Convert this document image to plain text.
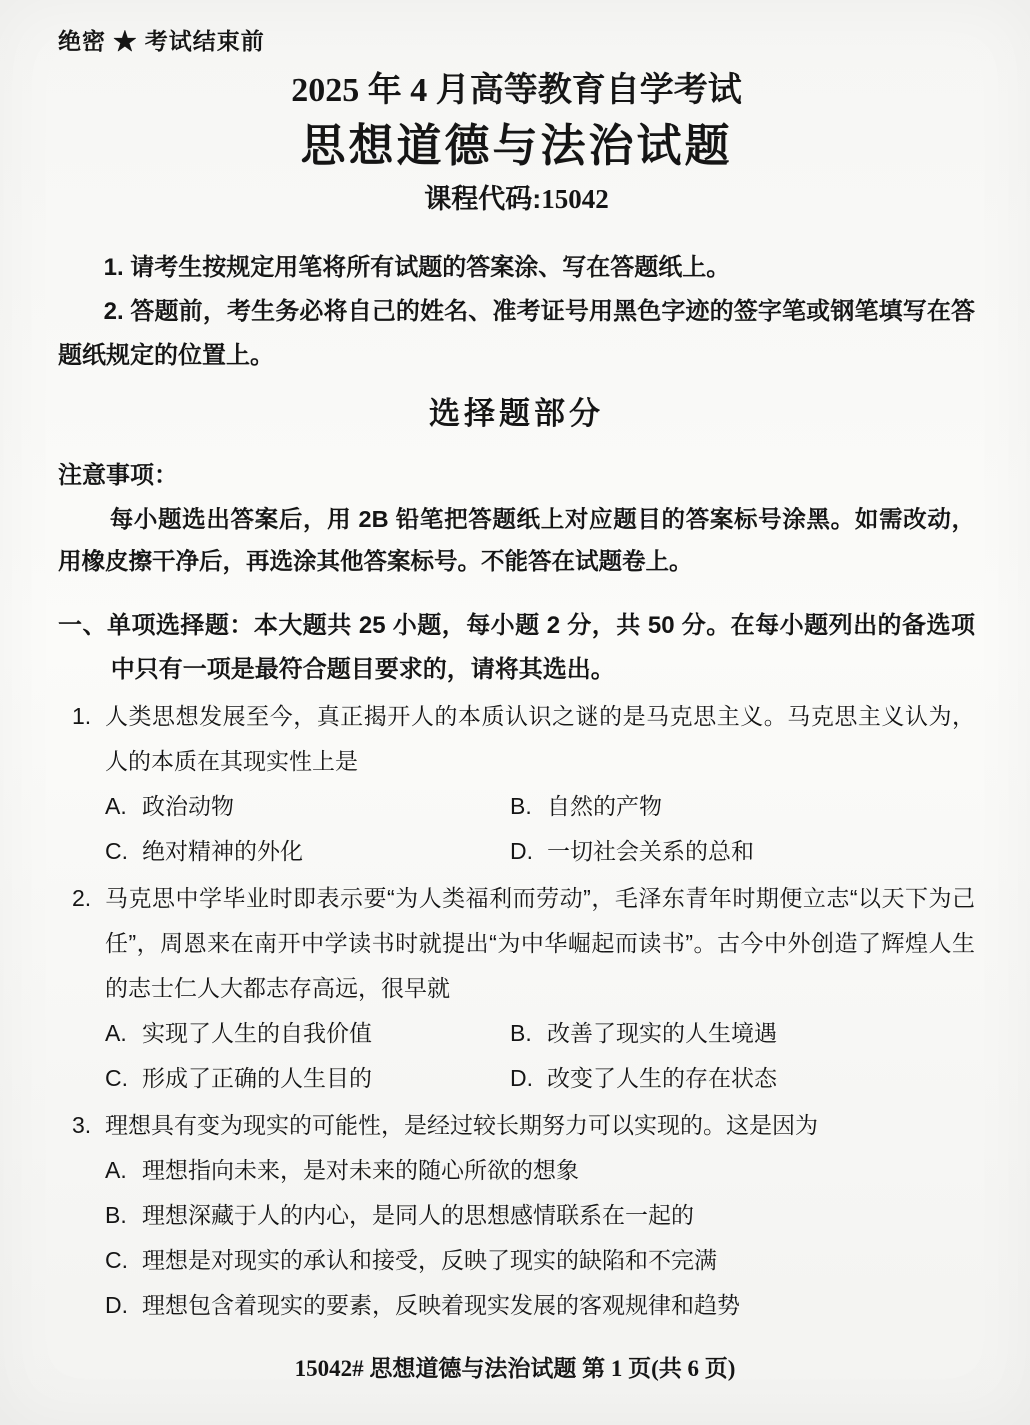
绝密 ★ 考试结束前
2025 年 4 月高等教育自学考试
思想道德与法治试题
课程代码:15042

1. 请考生按规定用笔将所有试题的答案涂、写在答题纸上。

2. 答题前，考生务必将自己的姓名、准考证号用黑色字迹的签字笔或钢笔填写在答题纸规定的位置上。

选择题部分
注意事项：

每小题选出答案后，用 2B 铅笔把答题纸上对应题目的答案标号涂黑。如需改动，用橡皮擦干净后，再选涂其他答案标号。不能答在试题卷上。

一、单项选择题：本大题共 25 小题，每小题 2 分，共 50 分。在每小题列出的备选项中只有一项是最符合题目要求的，请将其选出。

1. 人类思想发展至今，真正揭开人的本质认识之谜的是马克思主义。马克思主义认为，人的本质在其现实性上是
A. 政治动物	B. 自然的产物
C. 绝对精神的外化	D. 一切社会关系的总和
2. 马克思中学毕业时即表示要“为人类福利而劳动”，毛泽东青年时期便立志“以天下为己任”，周恩来在南开中学读书时就提出“为中华崛起而读书”。古今中外创造了辉煌人生的志士仁人大都志存高远，很早就
A. 实现了人生的自我价值	B. 改善了现实的人生境遇
C. 形成了正确的人生目的	D. 改变了人生的存在状态
3. 理想具有变为现实的可能性，是经过较长期努力可以实现的。这是因为
A. 理想指向未来，是对未来的随心所欲的想象
B. 理想深藏于人的内心，是同人的思想感情联系在一起的
C. 理想是对现实的承认和接受，反映了现实的缺陷和不完满
D. 理想包含着现实的要素，反映着现实发展的客观规律和趋势
15042# 思想道德与法治试题 第 1 页(共 6 页)
